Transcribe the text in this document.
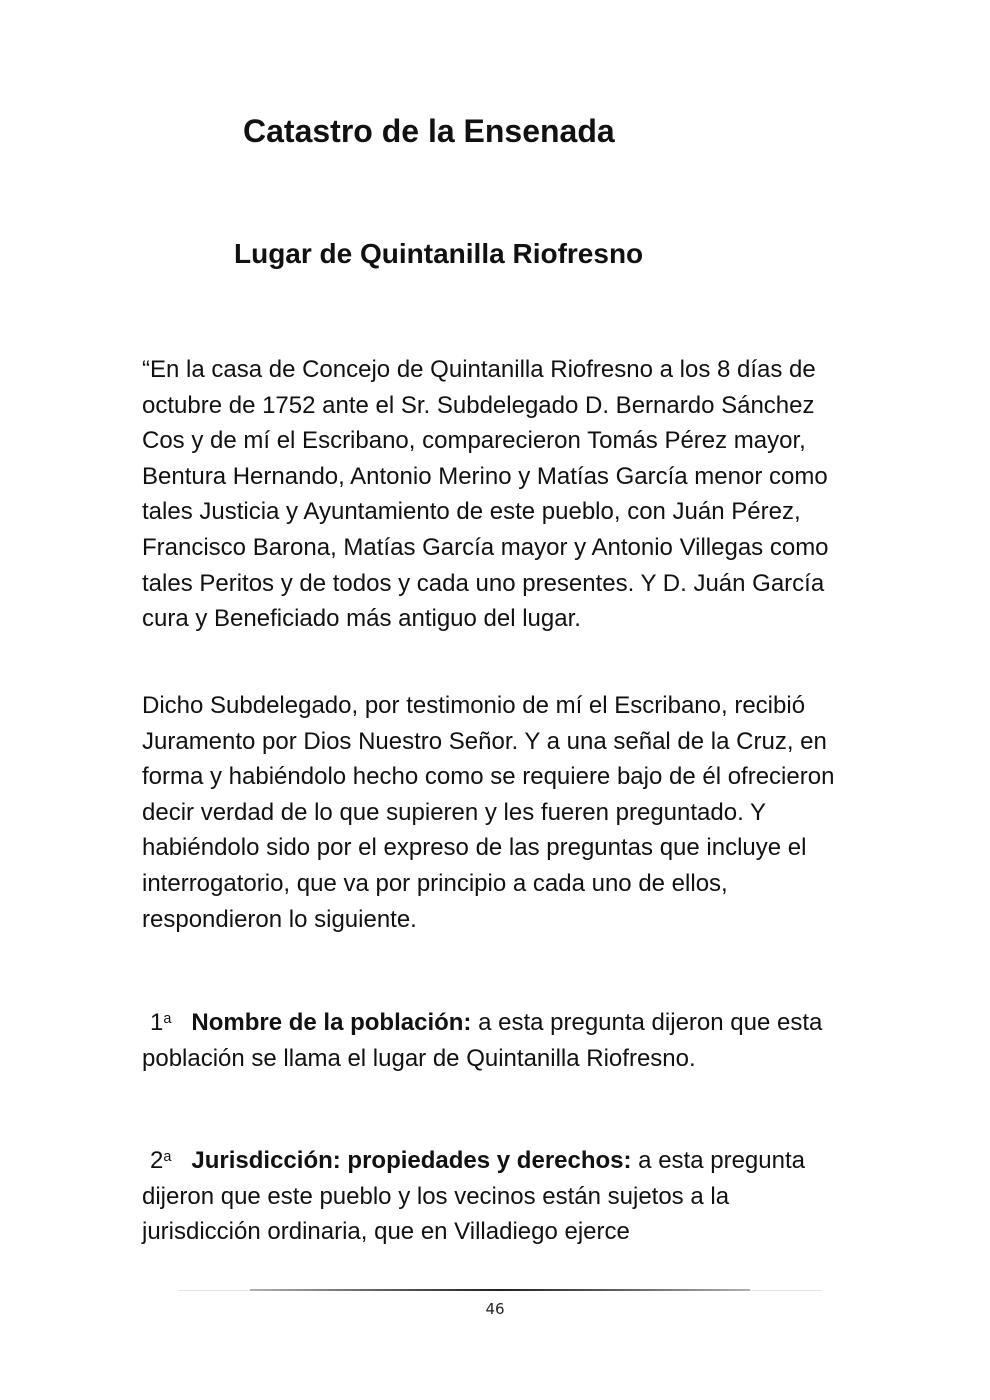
Catastro de la Ensenada
Lugar de Quintanilla Riofresno

“En la casa de Concejo de Quintanilla Riofresno a los 8 días de octubre de 1752 ante el Sr. Subdelegado D. Bernardo Sánchez Cos y de mí el Escribano, comparecieron Tomás Pérez mayor, Bentura Hernando, Antonio Merino y Matías García menor como tales Justicia y Ayuntamiento de este pueblo, con Juán Pérez, Francisco Barona, Matías García mayor y Antonio Villegas como tales Peritos y de todos y cada uno presentes. Y D. Juán García cura y Beneficiado más antiguo del lugar.

Dicho Subdelegado, por testimonio de mí el Escribano, recibió Juramento por Dios Nuestro Señor. Y a una señal de la Cruz, en forma y habiéndolo hecho como se requiere bajo de él ofrecieron decir verdad de lo que supieren y les fueren preguntado. Y habiéndolo sido por el expreso de las preguntas que incluye el interrogatorio, que va por principio a cada uno de ellos, respondieron lo siguiente.

1$^a$ Nombre de la población: a esta pregunta dijeron que esta población se llama el lugar de Quintanilla Riofresno.

2$^a$ Jurisdicción: propiedades y derechos: a esta pregunta dijeron que este pueblo y los vecinos están sujetos a la jurisdicción ordinaria, que en Villadiego ejerce

46
